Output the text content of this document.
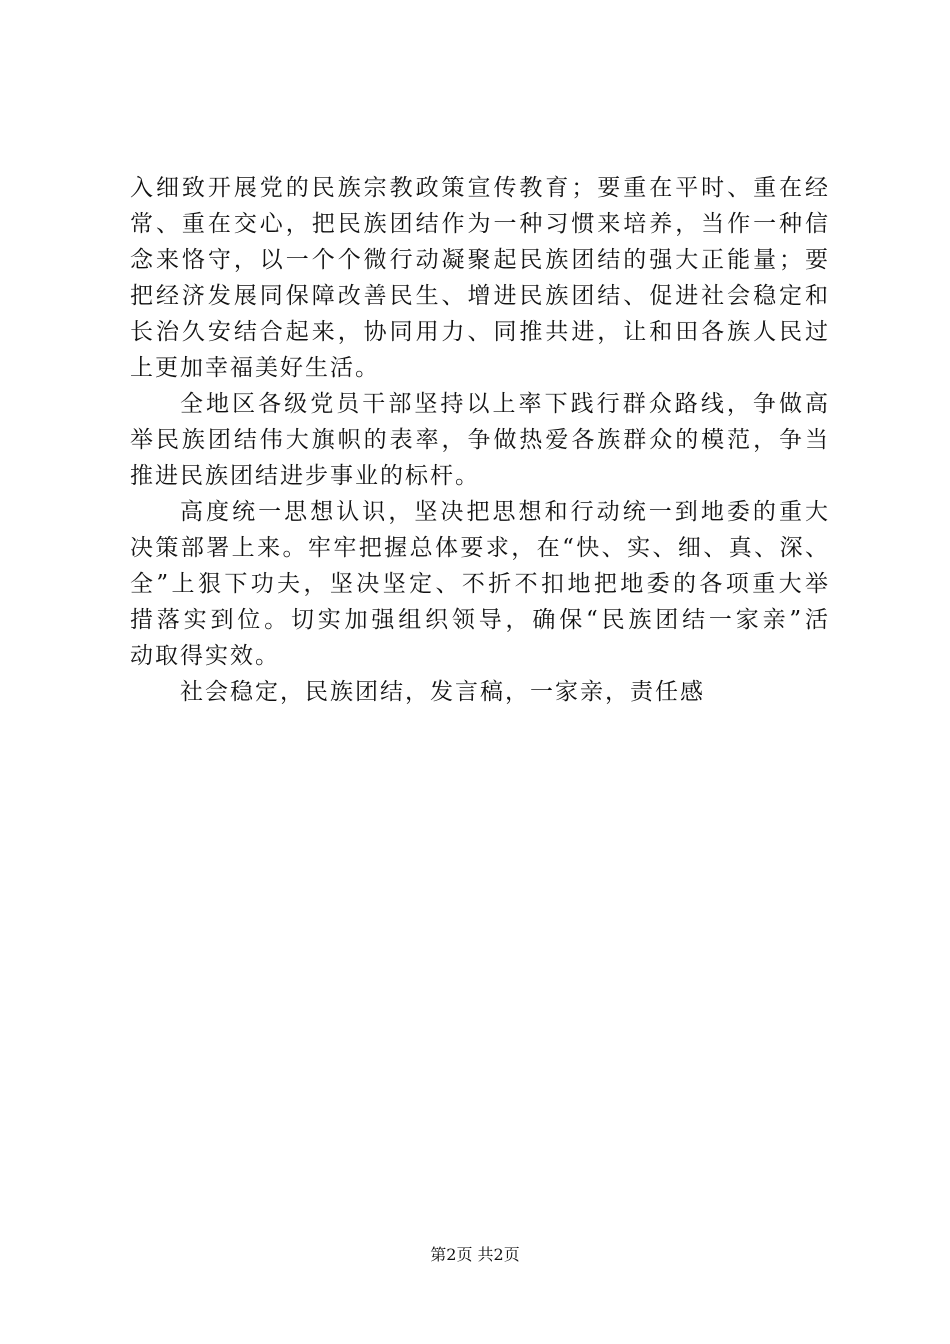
入细致开展党的民族宗教政策宣传教育；要重在平时、重在经
常、重在交心，把民族团结作为一种习惯来培养，当作一种信
念来恪守，以一个个微行动凝聚起民族团结的强大正能量；要
把经济发展同保障改善民生、增进民族团结、促进社会稳定和
长治久安结合起来，协同用力、同推共进，让和田各族人民过
上更加幸福美好生活。
全地区各级党员干部坚持以上率下践行群众路线，争做高
举民族团结伟大旗帜的表率，争做热爱各族群众的模范，争当
推进民族团结进步事业的标杆。
高度统一思想认识，坚决把思想和行动统一到地委的重大
决策部署上来。牢牢把握总体要求，在“快、实、细、真、深、
全”上狠下功夫，坚决坚定、不折不扣地把地委的各项重大举
措落实到位。切实加强组织领导，确保“民族团结一家亲”活
动取得实效。
社会稳定，民族团结，发言稿，一家亲，责任感
第2页 共2页
